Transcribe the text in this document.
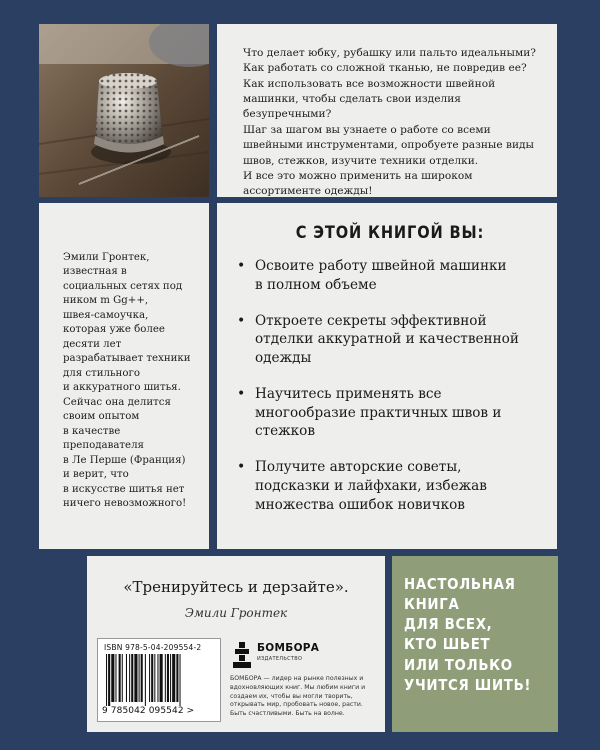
Что делает юбку, рубашку или пальто идеальными?
Как работать со сложной тканью, не повредив ее?
Как использовать все возможности швейной
машинки, чтобы сделать свои изделия безупречными?
Шаг за шагом вы узнаете о работе со всеми
швейными инструментами, опробуете разные виды
швов, стежков, изучите техники отделки.
И все это можно применить на широком
ассортименте одежды!

Эмили Гронтек,
известная в
социальных сетях под
ником m Gg++,
швея-самоучка,
которая уже более
десяти лет
разрабатывает техники
для стильного
и аккуратного шитья.
Сейчас она делится
своим опытом
в качестве
преподавателя
в Ле Перше (Франция)
и верит, что
в искусстве шитья нет
ничего невозможного!

С ЭТОЙ КНИГОЙ ВЫ:
• Освоите работу швейной машинки
в полном объеме
• Откроете секреты эффективной
отделки аккуратной и качественной
одежды
• Научитесь применять все
многообразие практичных швов и
стежков
• Получите авторские советы,
подсказки и лайфхаки, избежав
множества ошибок новичков
«Тренируйтесь и дерзайте».
Эмили Гронтек
ISBN 978-5-04-209554-2
9 785042 095542 >
БОМБОРА
ИЗДАТЕЛЬСТВО
БОМБОРА — лидер на рынке полезных и вдохновляющих книг. Мы любим книги и создаем их, чтобы вы могли творить, открывать мир, пробовать новое, расти. Быть счастливыми. Быть на волне.
НАСТОЛЬНАЯ
КНИГА
ДЛЯ ВСЕХ,
КТО ШЬЕТ
ИЛИ ТОЛЬКО
УЧИТСЯ ШИТЬ!
